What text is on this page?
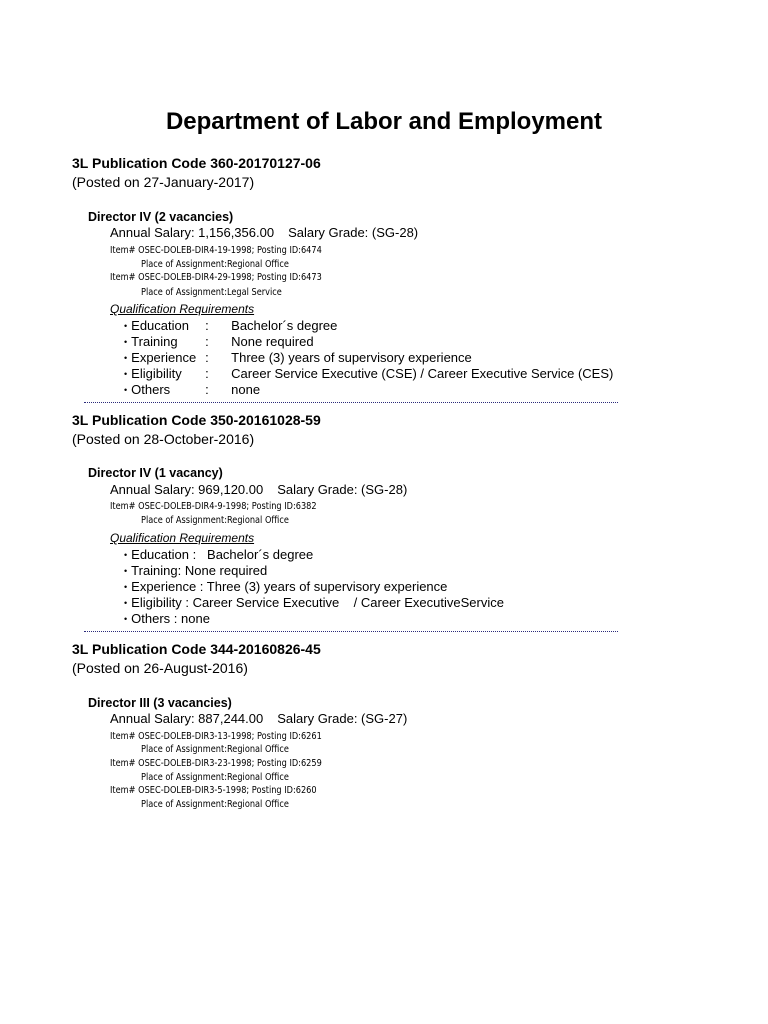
Department of Labor and Employment
3L Publication Code 360-20170127-06
(Posted on 27-January-2017)
Director IV (2 vacancies)
Annual Salary: 1,156,356.00 Salary Grade: (SG-28)
Item# OSEC-DOLEB-DIR4-19-1998; Posting ID:6474
Place of Assignment:Regional Office
Item# OSEC-DOLEB-DIR4-29-1998; Posting ID:6473
Place of Assignment:Legal Service
Qualification Requirements
• Education : Bachelor´s degree
• Training : None required
• Experience : Three (3) years of supervisory experience
• Eligibility : Career Service Executive (CSE) / Career Executive Service (CES)
• Others	: none
3L Publication Code 350-20161028-59
(Posted on 28-October-2016)
Director IV (1 vacancy)
Annual Salary: 969,120.00 Salary Grade: (SG-28)
Item# OSEC-DOLEB-DIR4-9-1998; Posting ID:6382
Place of Assignment:Regional Office
Qualification Requirements
• Education :   Bachelor´s degree
• Training: None required
• Experience : Three (3) years of supervisory experience
• Eligibility : Career Service Executive    / Career ExecutiveService
• Others : none
3L Publication Code 344-20160826-45
(Posted on 26-August-2016)
Director III (3 vacancies)
Annual Salary: 887,244.00 Salary Grade: (SG-27)
Item# OSEC-DOLEB-DIR3-13-1998; Posting ID:6261
Place of Assignment:Regional Office
Item# OSEC-DOLEB-DIR3-23-1998; Posting ID:6259
Place of Assignment:Regional Office
Item# OSEC-DOLEB-DIR3-5-1998; Posting ID:6260
Place of Assignment:Regional Office
